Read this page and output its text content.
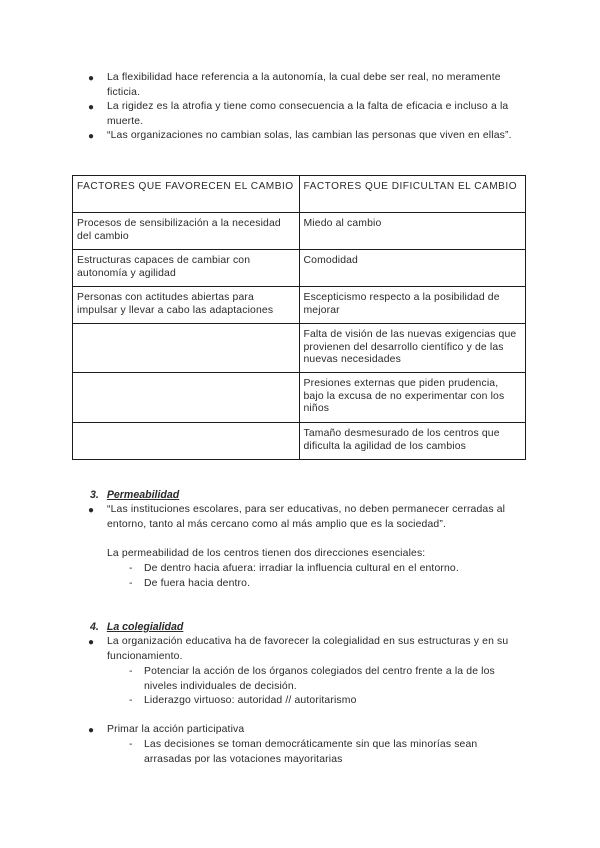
● La flexibilidad hace referencia a la autonomía, la cual debe ser real, no meramente ficticia.
● La rigidez es la atrofia y tiene como consecuencia a la falta de eficacia e incluso a la muerte.
● “Las organizaciones no cambian solas, las cambian las personas que viven en ellas”.
FACTORES QUE FAVORECEN EL CAMBIO	FACTORES QUE DIFICULTAN EL CAMBIO
Procesos de sensibilización a la necesidad del cambio	Miedo al cambio
Estructuras capaces de cambiar con autonomía y agilidad	Comodidad
Personas con actitudes abiertas para impulsar y llevar a cabo las adaptaciones	Escepticismo respecto a la posibilidad de mejorar
	Falta de visión de las nuevas exigencias que provienen del desarrollo científico y de las nuevas necesidades
	Presiones externas que piden prudencia, bajo la excusa de no experimentar con los niños
	Tamaño desmesurado de los centros que dificulta la agilidad de los cambios
3. Permeabilidad
● “Las instituciones escolares, para ser educativas, no deben permanecer cerradas al entorno, tanto al más cercano como al más amplio que es la sociedad”.
La permeabilidad de los centros tienen dos direcciones esenciales:
- De dentro hacia afuera: irradiar la influencia cultural en el entorno.
- De fuera hacia dentro.
4. La colegialidad
● La organización educativa ha de favorecer la colegialidad en sus estructuras y en su funcionamiento.
- Potenciar la acción de los órganos colegiados del centro frente a la de los niveles individuales de decisión.
- Liderazgo virtuoso: autoridad // autoritarismo
● Primar la acción participativa
- Las decisiones se toman democráticamente sin que las minorías sean arrasadas por las votaciones mayoritarias
